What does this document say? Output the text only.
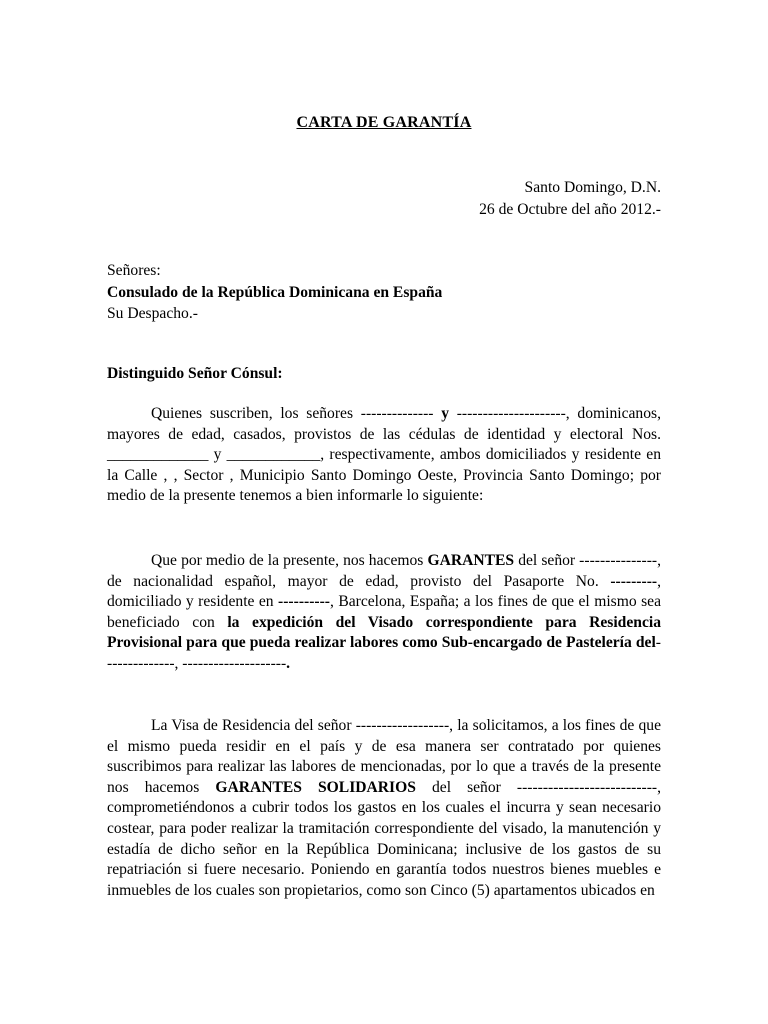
CARTA DE GARANTÍA
Santo Domingo, D.N.
26 de Octubre del año 2012.-
Señores:
Consulado de la República Dominicana en España
Su Despacho.-
Distinguido Señor Cónsul:

Quienes suscriben, los señores -------------- y ---------------------, dominicanos, mayores de edad, casados, provistos de las cédulas de identidad y electoral Nos. _____________ y ____________, respectivamente, ambos domiciliados y residente en la Calle , , Sector , Municipio Santo Domingo Oeste, Provincia Santo Domingo; por medio de la presente tenemos a bien informarle lo siguiente:

Que por medio de la presente, nos hacemos GARANTES del señor ---------------, de nacionalidad español, mayor de edad, provisto del Pasaporte No. ---------, domiciliado y residente en ----------, Barcelona, España; a los fines de que el mismo sea beneficiado con la expedición del Visado correspondiente para Residencia Provisional para que pueda realizar labores como Sub-encargado de Pastelería del--------------, --------------------.

La Visa de Residencia del señor ------------------, la solicitamos, a los fines de que el mismo pueda residir en el país y de esa manera ser contratado por quienes suscribimos para realizar las labores de mencionadas, por lo que a través de la presente nos hacemos GARANTES SOLIDARIOS del señor ---------------------------, comprometiéndonos a cubrir todos los gastos en los cuales el incurra y sean necesario costear, para poder realizar la tramitación correspondiente del visado, la manutención y estadía de dicho señor en la República Dominicana; inclusive de los gastos de su repatriación si fuere necesario. Poniendo en garantía todos nuestros bienes muebles e inmuebles de los cuales son propietarios, como son Cinco (5) apartamentos ubicados en
